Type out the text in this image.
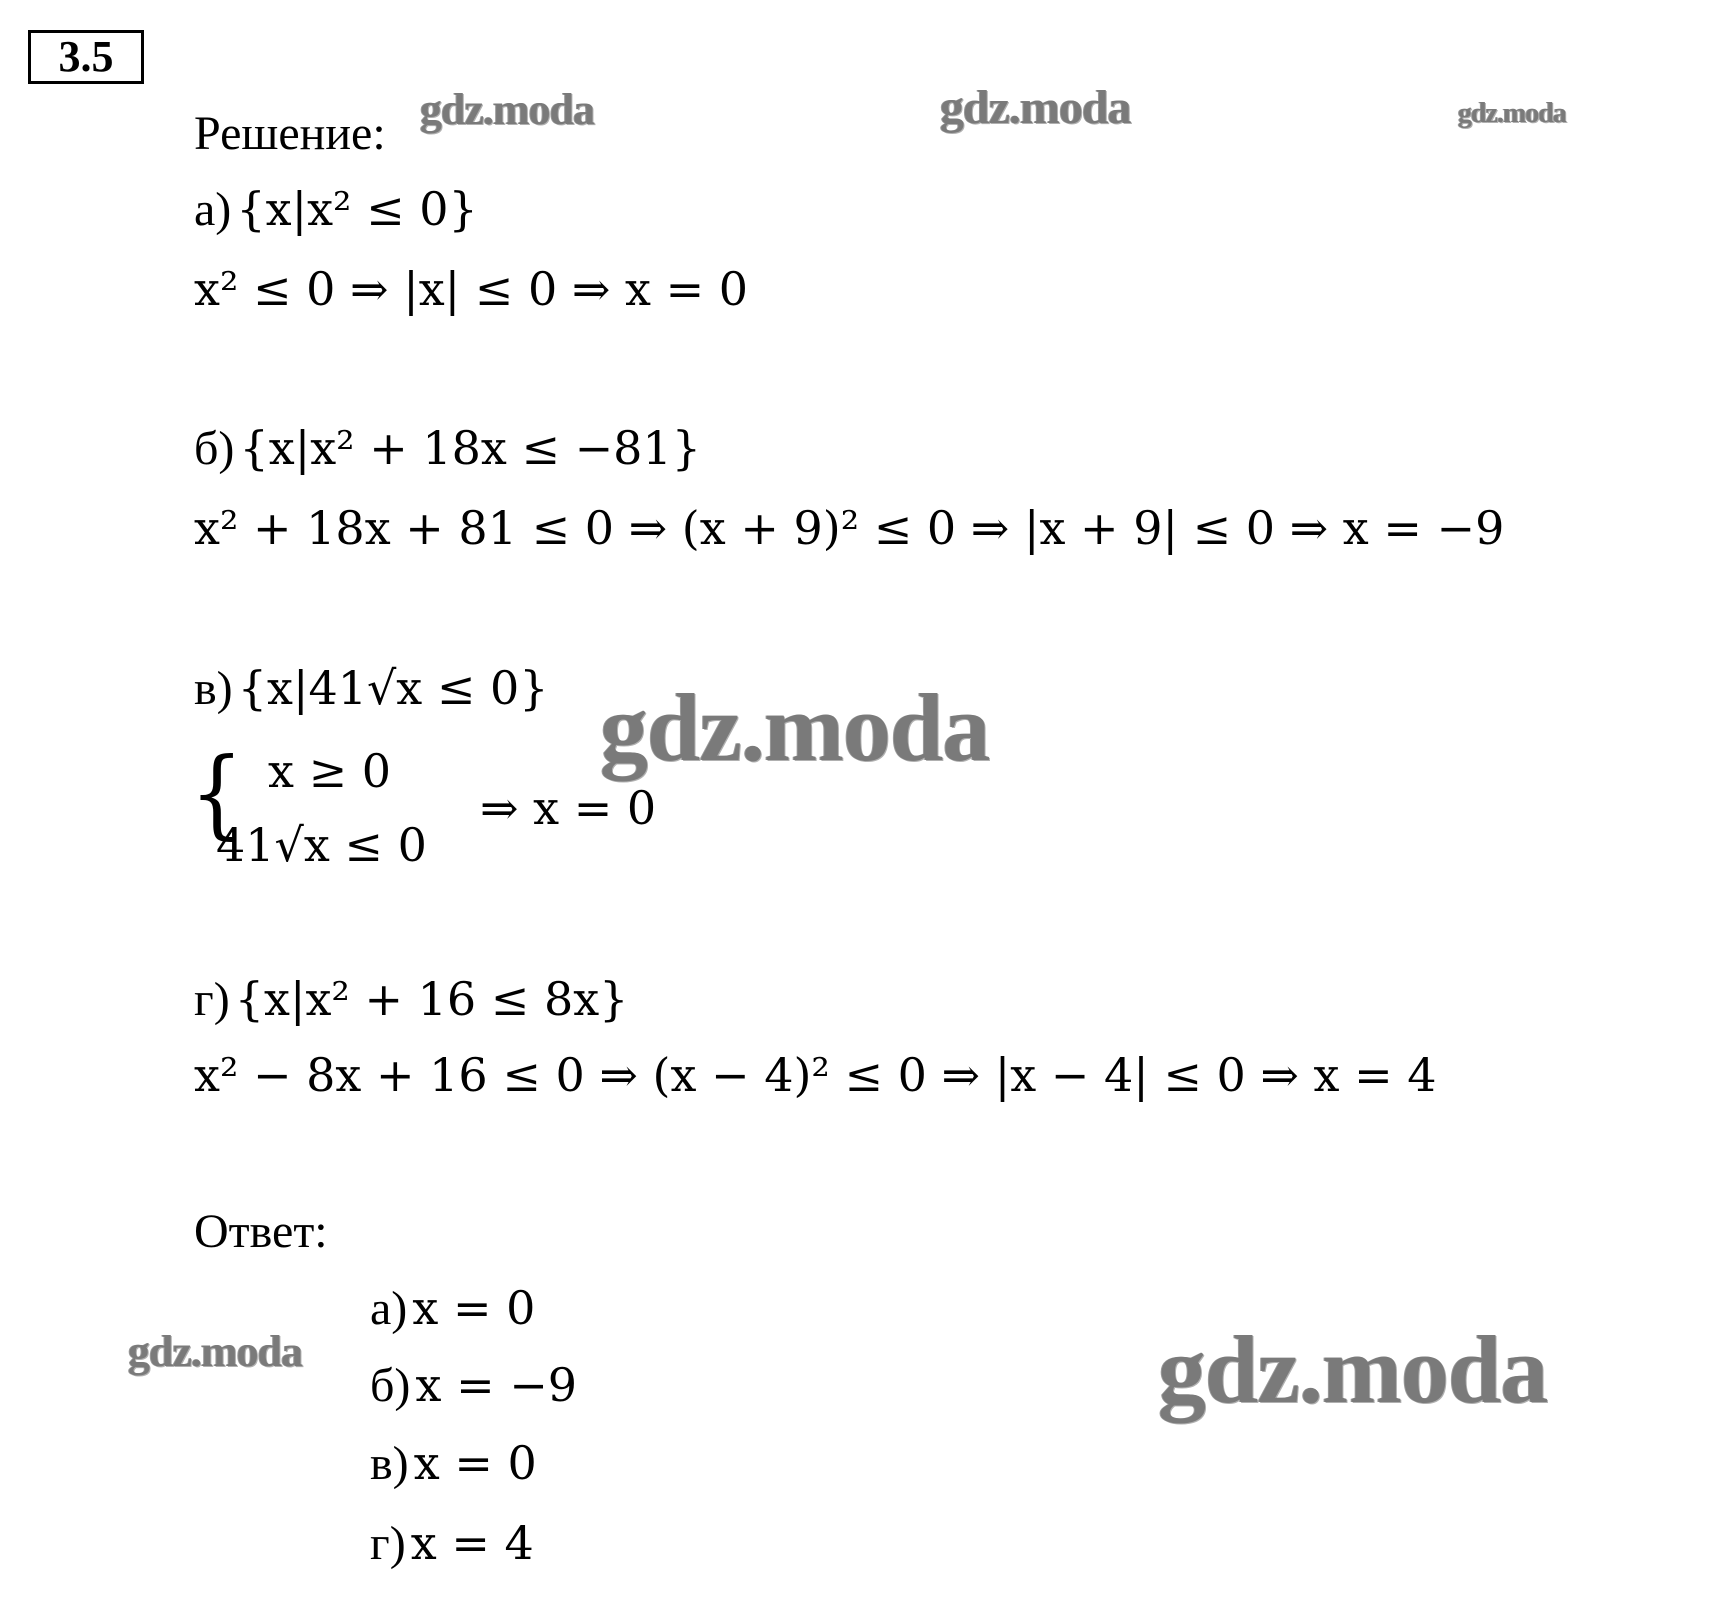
3.5
Решение:
а) {x|x² ≤ 0}
x² ≤ 0 ⇒ |x| ≤ 0 ⇒ x = 0
б) {x|x² + 18x ≤ −81}
x² + 18x + 81 ≤ 0 ⇒ (x + 9)² ≤ 0 ⇒ |x + 9| ≤ 0 ⇒ x = −9
в) {x|41√x ≤ 0}
{ x ≥ 0
41√x ≤ 0
⇒ x = 0
г) {x|x² + 16 ≤ 8x}
x² − 8x + 16 ≤ 0 ⇒ (x − 4)² ≤ 0 ⇒ |x − 4| ≤ 0 ⇒ x = 4
Ответ:
а) x = 0
б) x = −9
в) x = 0
г) x = 4
gdz.moda	gdz.moda	gdz.moda
gdz.moda
gdz.moda	gdz.moda
